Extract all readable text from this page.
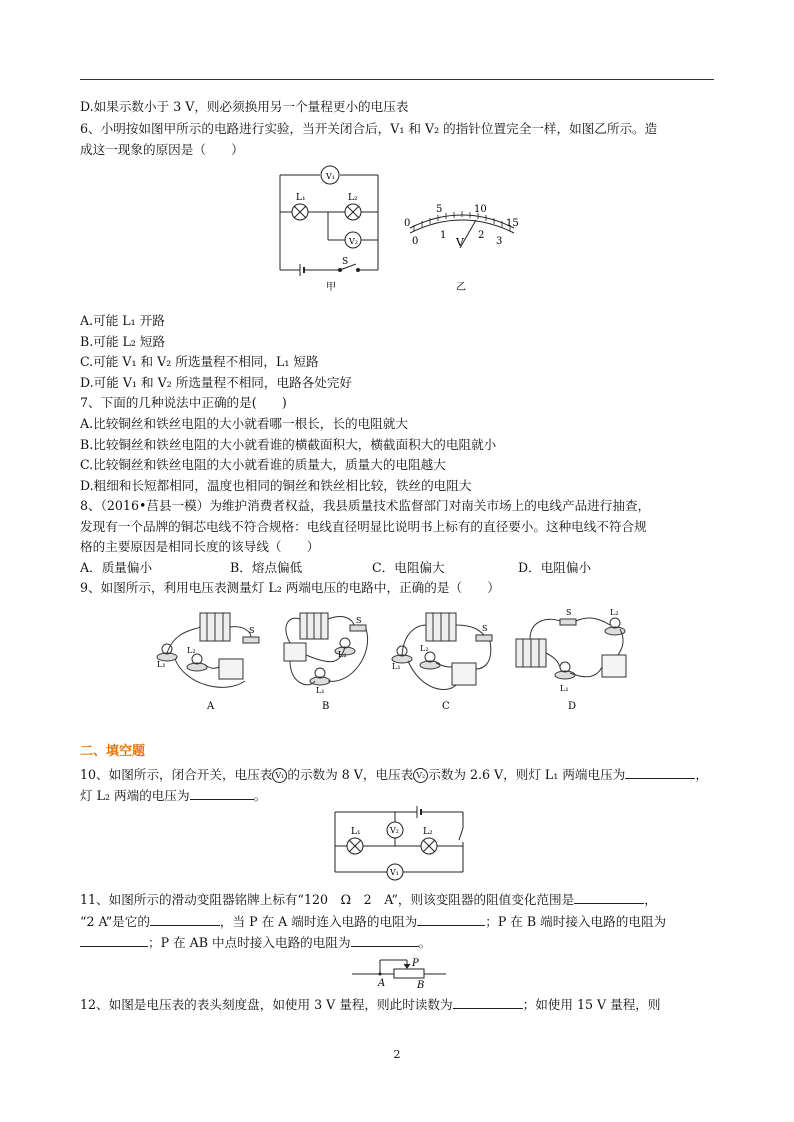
D.如果示数小于 3 V，则必须换用另一个量程更小的电压表
6、小明按如图甲所示的电路进行实验，当开关闭合后，V₁ 和 V₂ 的指针位置完全一样，如图乙所示。造
成这一现象的原因是（　　）
V₁
L₁	L₂
V₂
S
甲
0
5	10
15
0
1	2
3
V
乙
A.可能 L₁ 开路
B.可能 L₂ 短路
C.可能 V₁ 和 V₂ 所选量程不相同，L₁ 短路
D.可能 V₁ 和 V₂ 所选量程不相同，电路各处完好
7、下面的几种说法中正确的是(　　)
A.比较铜丝和铁丝电阻的大小就看哪一根长，长的电阻就大
B.比较铜丝和铁丝电阻的大小就看谁的横截面积大，横截面积大的电阻就小
C.比较铜丝和铁丝电阻的大小就看谁的质量大，质量大的电阻越大
D.粗细和长短都相同，温度也相同的铜丝和铁丝相比较，铁丝的电阻大
8、（2016•莒县一模）为维护消费者权益，我县质量技术监督部门对南关市场上的电线产品进行抽查，
发现有一个品牌的铜芯电线不符合规格：电线直径明显比说明书上标有的直径要小。这种电线不符合规
格的主要原因是相同长度的该导线（　　）
A．质量偏小	B．熔点偏低	C．电阻偏大	D．电阻偏小
9、如图所示，利用电压表测量灯 L₂ 两端电压的电路中，正确的是（　　）
L₁
L₂
S
A
L₂
L₁
S
B
L₁
L₂
S
C
S	L₂
L₁
D
二、填空题
10、如图所示，闭合开关，电压表 V₁ 的示数为 8 V，电压表 V₂ 示数为 2.6 V，则灯 L₁ 两端电压为	，
灯 L₂ 两端的电压为	。
L₁	L₂
V₂
V₁
11、如图所示的滑动变阻器铭牌上标有“120　Ω　2　A”，则该变阻器的阻值变化范围是	，
“2 A”是它的	，当 P 在 A 端时连入电路的电阻为	；P 在 B 端时接入电路的电阻为
；P 在 AB 中点时接入电路的电阻为	。
P
A	B
12、如图是电压表的表头刻度盘，如使用 3 V 量程，则此时读数为	；如使用 15 V 量程，则
2
